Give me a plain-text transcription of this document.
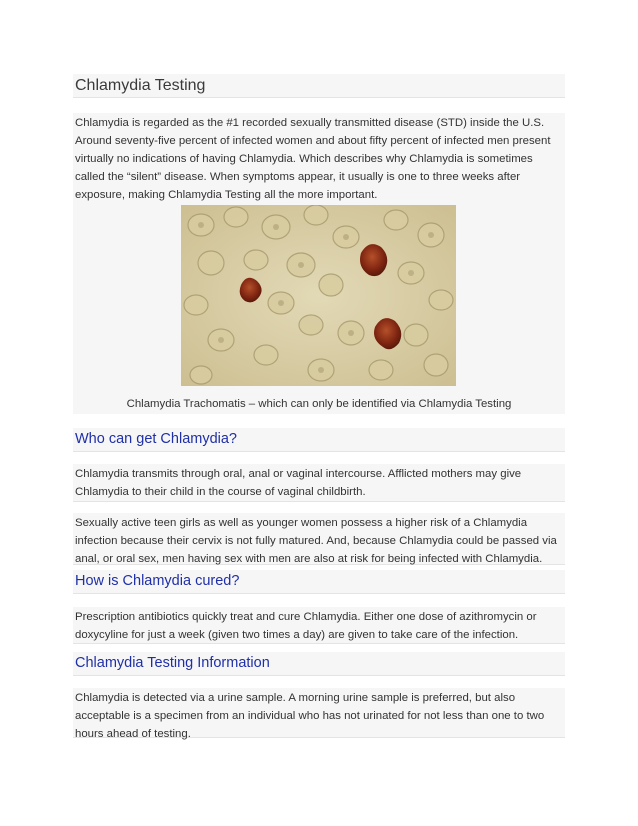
Chlamydia Testing

Chlamydia is regarded as the #1 recorded sexually transmitted disease (STD) inside the U.S. Around seventy-five percent of infected women and about fifty percent of infected men present virtually no indications of having Chlamydia. Which describes why Chlamydia is sometimes called the “silent” disease. When symptoms appear, it usually is one to three weeks after exposure, making Chlamydia Testing all the more important.

Chlamydia Trachomatis – which can only be identified via Chlamydia Testing
Who can get Chlamydia?

Chlamydia transmits through oral, anal or vaginal intercourse. Afflicted mothers may give Chlamydia to their child in the course of vaginal childbirth.

Sexually active teen girls as well as younger women possess a higher risk of a Chlamydia infection because their cervix is not fully matured. And, because Chlamydia could be passed via anal, or oral sex, men having sex with men are also at risk for being infected with Chlamydia.

How is Chlamydia cured?

Prescription antibiotics quickly treat and cure Chlamydia. Either one dose of azithromycin or doxycyline for just a week (given two times a day) are given to take care of the infection.

Chlamydia Testing Information

Chlamydia is detected via a urine sample. A morning urine sample is preferred, but also acceptable is a specimen from an individual who has not urinated for not less than one to two hours ahead of testing.
